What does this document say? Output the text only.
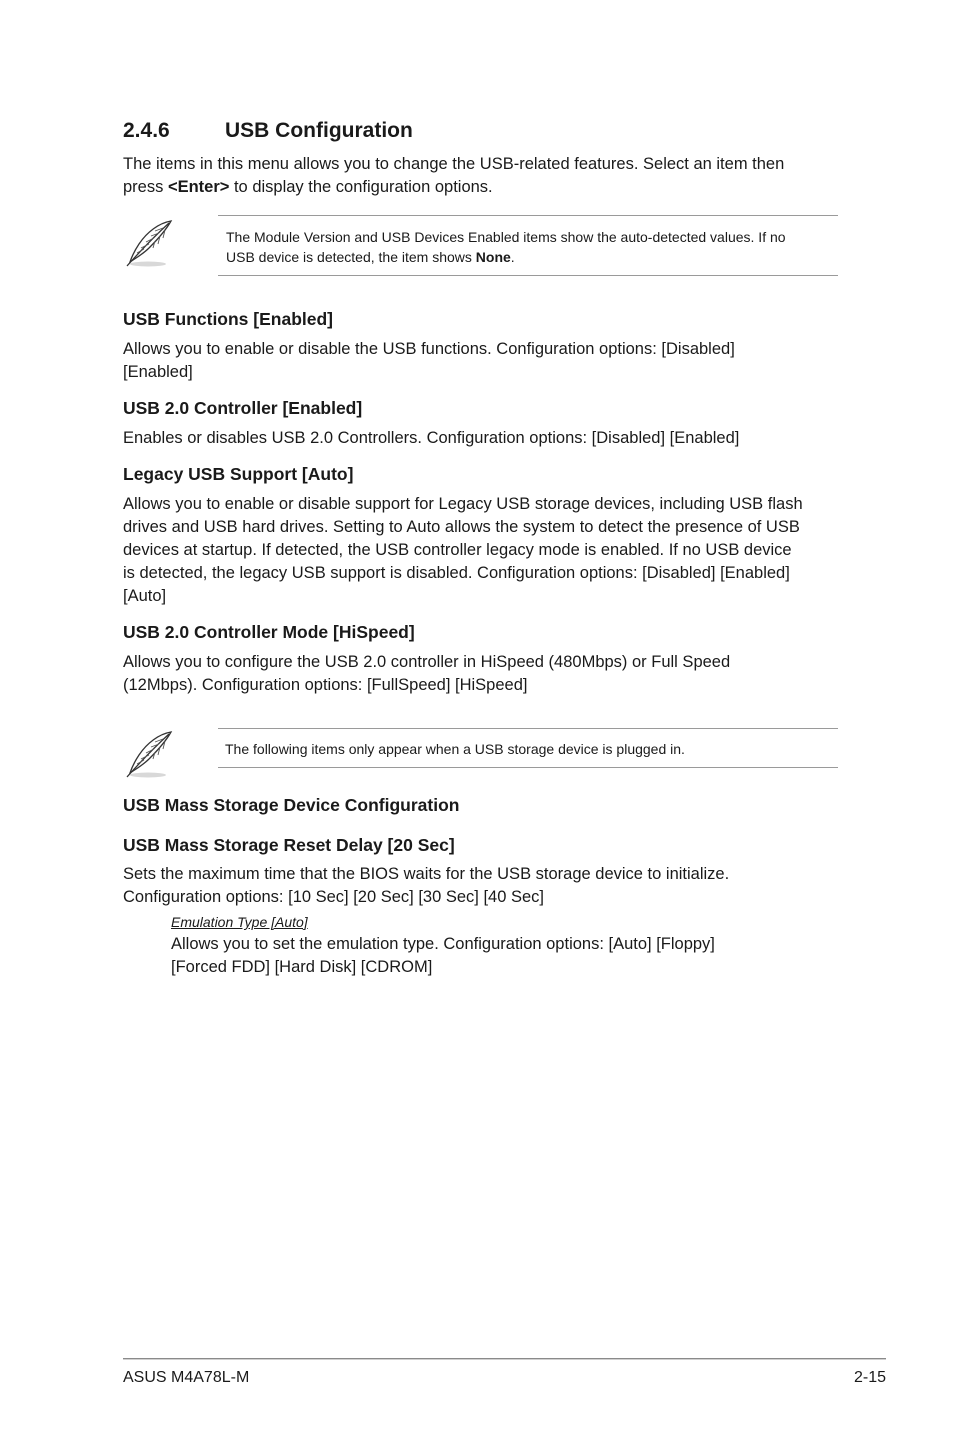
2.4.6	USB Configuration

The items in this menu allows you to change the USB-related features. Select an item then

press <Enter> to display the configuration options.

The Module Version and USB Devices Enabled items show the auto-detected values. If no

USB device is detected, the item shows None.

USB Functions [Enabled]

Allows you to enable or disable the USB functions. Configuration options: [Disabled]

[Enabled]

USB 2.0 Controller [Enabled]

Enables or disables USB 2.0 Controllers. Configuration options: [Disabled] [Enabled]

Legacy USB Support [Auto]

Allows you to enable or disable support for Legacy USB storage devices, including USB flash

drives and USB hard drives. Setting to Auto allows the system to detect the presence of USB

devices at startup. If detected, the USB controller legacy mode is enabled. If no USB device

is detected, the legacy USB support is disabled. Configuration options: [Disabled] [Enabled]

[Auto]

USB 2.0 Controller Mode [HiSpeed]

Allows you to configure the USB 2.0 controller in HiSpeed (480Mbps) or Full Speed

(12Mbps). Configuration options: [FullSpeed] [HiSpeed]

The following items only appear when a USB storage device is plugged in.

USB Mass Storage Device Configuration
USB Mass Storage Reset Delay [20 Sec]

Sets the maximum time that the BIOS waits for the USB storage device to initialize.

Configuration options: [10 Sec] [20 Sec] [30 Sec] [40 Sec]

Emulation Type [Auto]

Allows you to set the emulation type. Configuration options: [Auto] [Floppy]

[Forced FDD] [Hard Disk] [CDROM]

ASUS M4A78L-M	2-15
